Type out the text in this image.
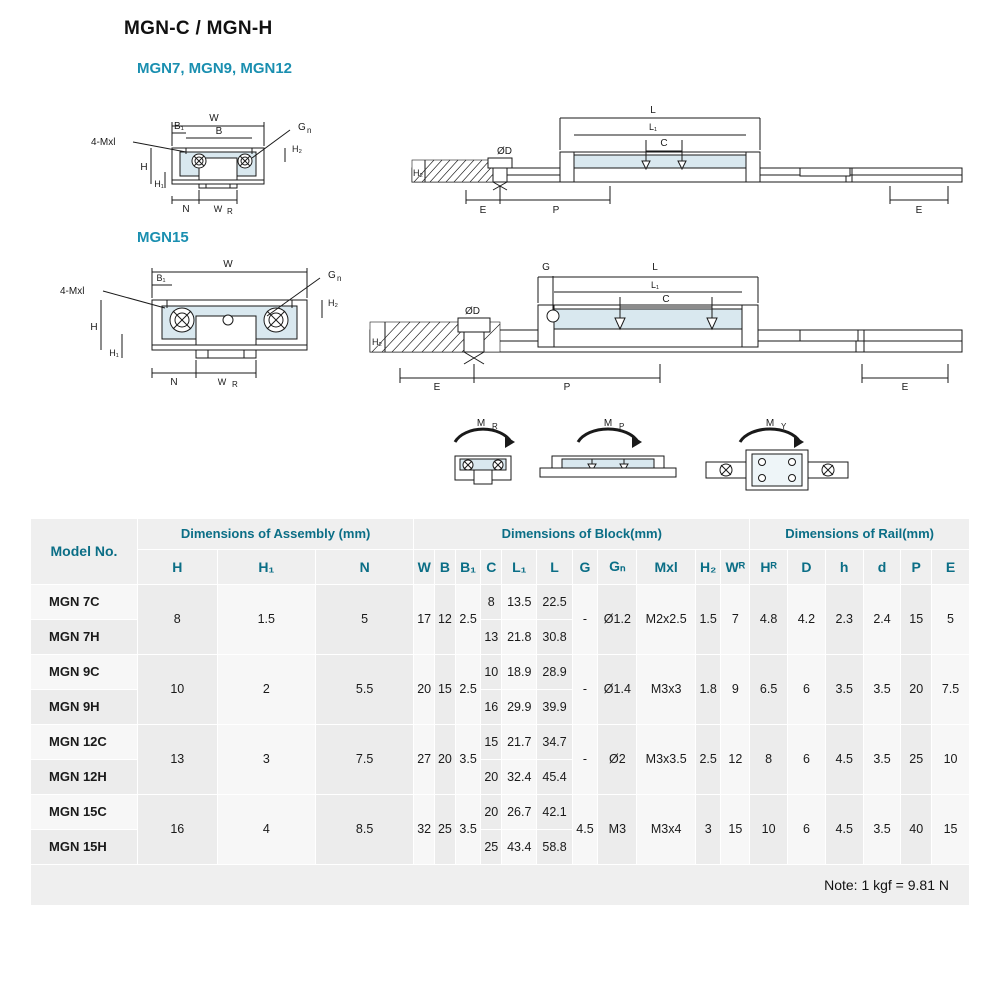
MGN-C / MGN-H
MGN7, MGN9, MGN12
MGN15
W
B
B₁	G n
4-Mxl
H
H₁
H₂
N	W R
ØD
L
L₁
C
H₂
E	P	E
W
B₁	G n
4-Mxl
H
H₁
H₂
N	W R
ØD
L
L₁
C
G
H₂
E	P	E
M R	M P	M Y
Model No.	Dimensions of Assembly (mm)			Dimensions of Block(mm)											Dimensions of Rail(mm)					
	H	H₁	N	W	B	B₁	C	L₁	L	G	Gₙ	Mxl	H₂	Wᴿ	Hᴿ	D	h	d	P	E
MGN 7C	8	1.5	5	17	12	2.5	8	13.5	22.5	-	Ø1.2	M2x2.5	1.5	7	4.8	4.2	2.3	2.4	15	5
MGN 7H							13	21.8	30.8											
MGN 9C	10	2	5.5	20	15	2.5	10	18.9	28.9	-	Ø1.4	M3x3	1.8	9	6.5	6	3.5	3.5	20	7.5
MGN 9H							16	29.9	39.9											
MGN 12C	13	3	7.5	27	20	3.5	15	21.7	34.7	-	Ø2	M3x3.5	2.5	12	8	6	4.5	3.5	25	10
MGN 12H							20	32.4	45.4											
MGN 15C	16	4	8.5	32	25	3.5	20	26.7	42.1	4.5	M3	M3x4	3	15	10	6	4.5	3.5	40	15
MGN 15H							25	43.4	58.8											
Note: 1 kgf = 9.81 N																				
